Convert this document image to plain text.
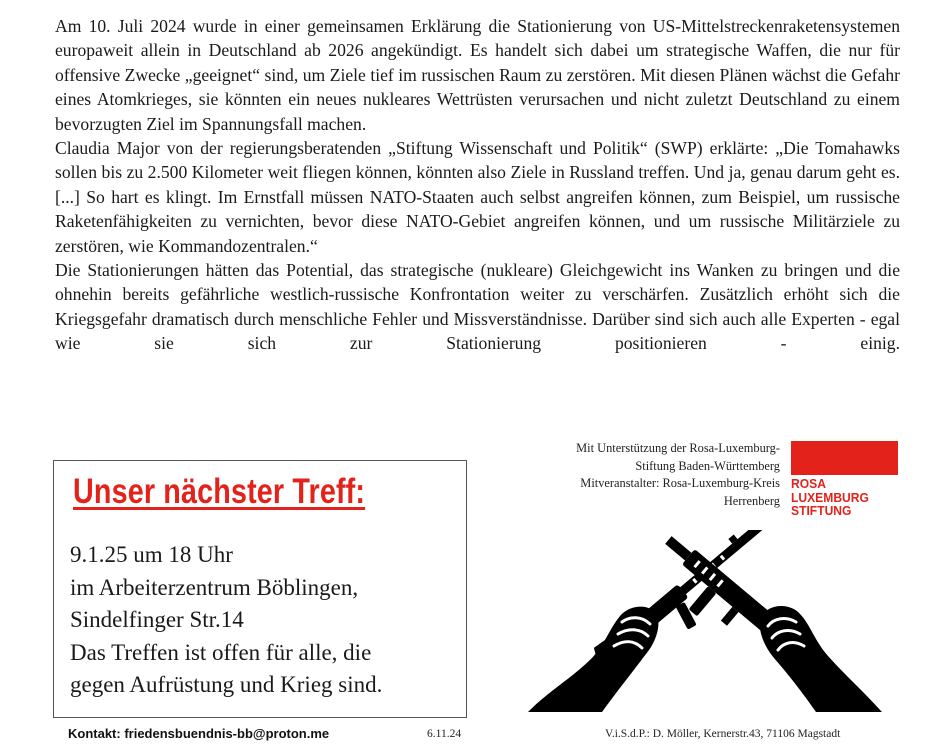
Am 10. Juli 2024 wurde in einer gemeinsamen Erklärung die Stationierung von US-Mittelstreckenraketensystemen europaweit allein in Deutschland ab 2026 angekündigt. Es handelt sich dabei um strategische Waffen, die nur für offensive Zwecke „geeignet“ sind, um Ziele tief im russischen Raum zu zerstören. Mit diesen Plänen wächst die Gefahr eines Atomkrieges, sie könnten ein neues nukleares Wettrüsten verursachen und nicht zuletzt Deutschland zu einem bevorzugten Ziel im Spannungsfall machen.

Claudia Major von der regierungsberatenden „Stiftung Wissenschaft und Politik“ (SWP) erklärte: „Die Tomahawks sollen bis zu 2.500 Kilometer weit fliegen können, könnten also Ziele in Russland treffen. Und ja, genau darum geht es. [...] So hart es klingt. Im Ernstfall müssen NATO-Staaten auch selbst angreifen können, zum Beispiel, um russische Raketenfähigkeiten zu vernichten, bevor diese NATO-Gebiet angreifen können, und um russische Militärziele zu zerstören, wie Kommandozentralen.“

Die Stationierungen hätten das Potential, das strategische (nukleare) Gleichgewicht ins Wanken zu bringen und die ohnehin bereits gefährliche westlich-russische Konfrontation weiter zu verschärfen. Zusätzlich erhöht sich die Kriegsgefahr dramatisch durch menschliche Fehler und Missverständnisse. Darüber sind sich auch alle Experten - egal wie sie sich zur Stationierung positionieren - einig.

Unser nächster Treff:
9.1.25 um 18 Uhr
im Arbeiterzentrum Böblingen,
Sindelfinger Str.14
Das Treffen ist offen für alle, die
gegen Aufrüstung und Krieg sind.
Mit Unterstützung der Rosa-Luxemburg-
Stiftung Baden-Württemberg
Mitveranstalter: Rosa-Luxemburg-Kreis
Herrenberg
ROSA
LUXEMBURG
STIFTUNG
Kontakt: friedensbuendnis-bb@proton.me	6.11.24	V.i.S.d.P.: D. Möller, Kernerstr.43, 71106 Magstadt
